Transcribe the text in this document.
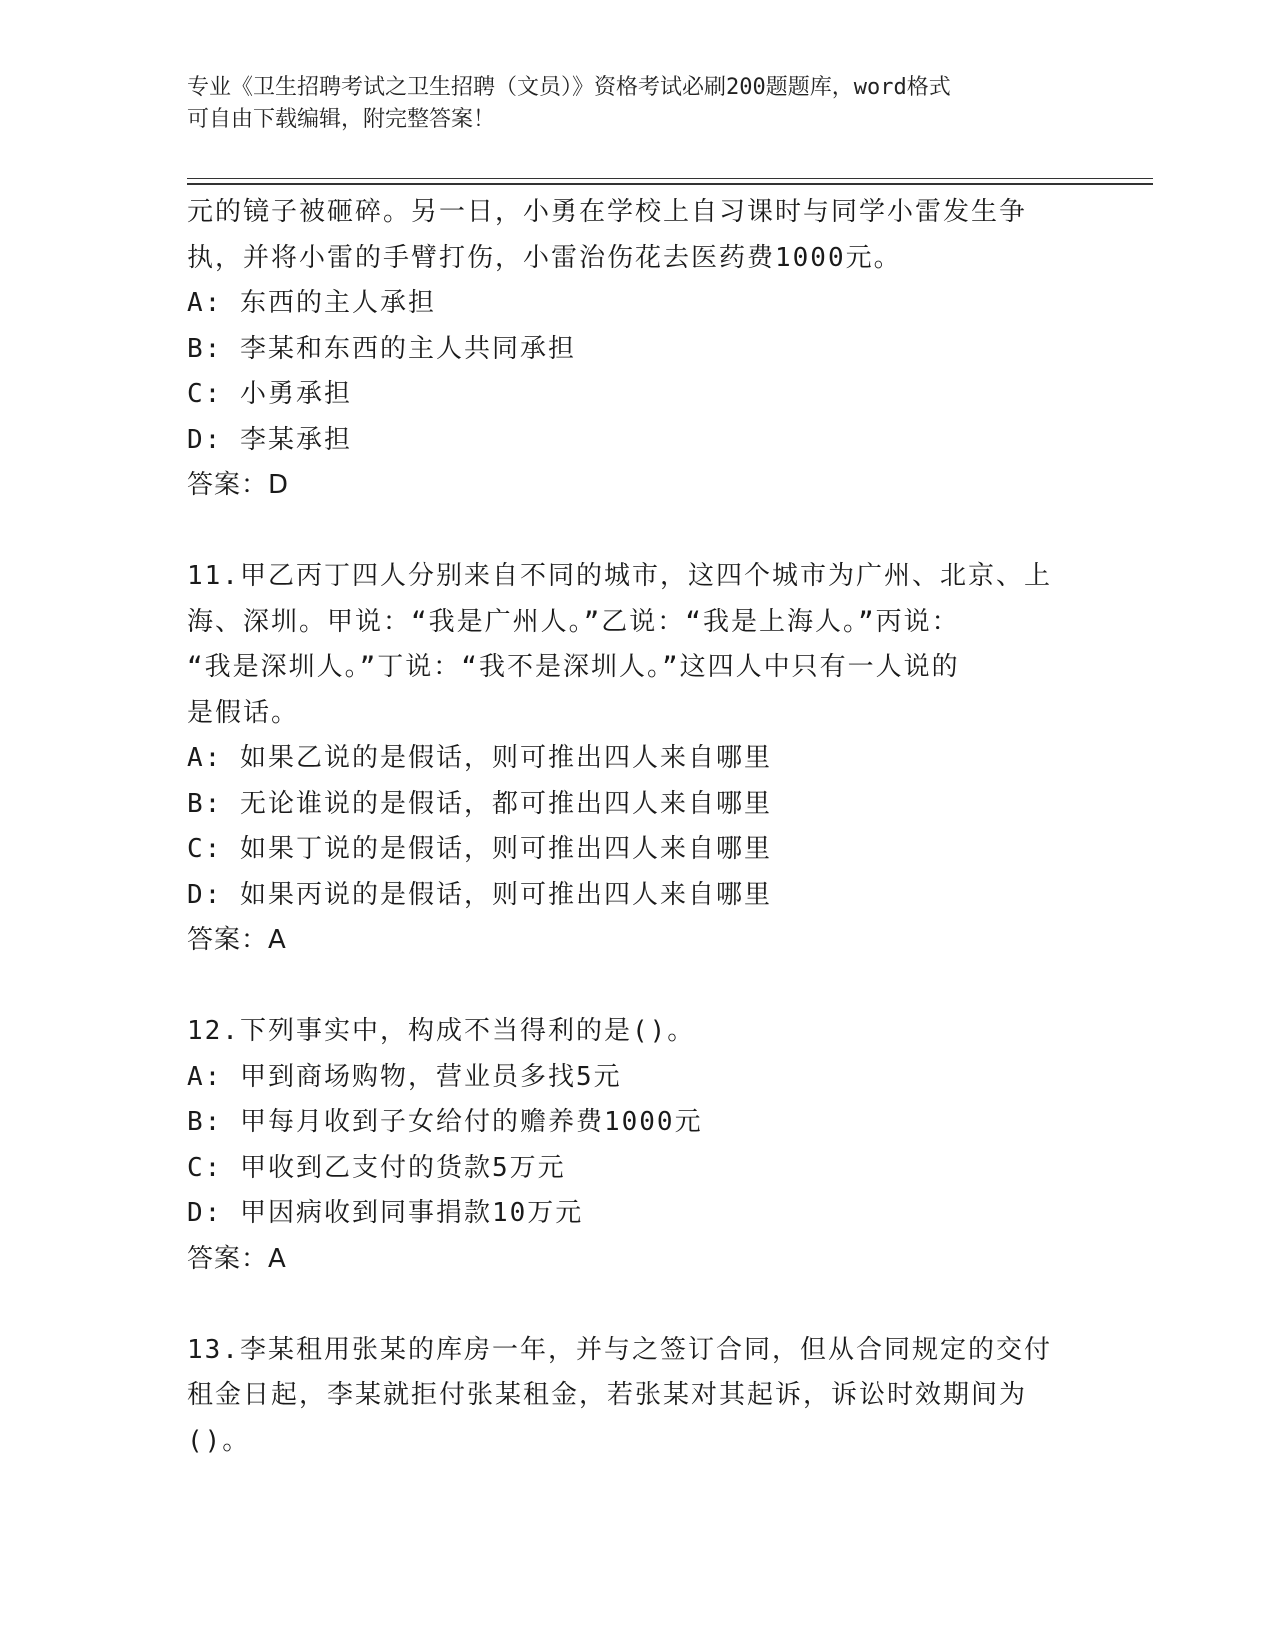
专业《卫生招聘考试之卫生招聘（文员）》资格考试必刷200题题库，word格式
可自由下载编辑，附完整答案！
元的镜子被砸碎。另一日，小勇在学校上自习课时与同学小雷发生争
执，并将小雷的手臂打伤，小雷治伤花去医药费1000元。
A: 东西的主人承担
B: 李某和东西的主人共同承担
C: 小勇承担
D: 李某承担
答案：D
11.甲乙丙丁四人分别来自不同的城市，这四个城市为广州、北京、上
海、深圳。甲说：“我是广州人。”乙说：“我是上海人。”丙说：
“我是深圳人。”丁说：“我不是深圳人。”这四人中只有一人说的
是假话。
A: 如果乙说的是假话，则可推出四人来自哪里
B: 无论谁说的是假话，都可推出四人来自哪里
C: 如果丁说的是假话，则可推出四人来自哪里
D: 如果丙说的是假话，则可推出四人来自哪里
答案：A
12.下列事实中，构成不当得利的是()。
A: 甲到商场购物，营业员多找5元
B: 甲每月收到子女给付的赡养费1000元
C: 甲收到乙支付的货款5万元
D: 甲因病收到同事捐款10万元
答案：A
13.李某租用张某的库房一年，并与之签订合同，但从合同规定的交付
租金日起，李某就拒付张某租金，若张某对其起诉，诉讼时效期间为
()。
